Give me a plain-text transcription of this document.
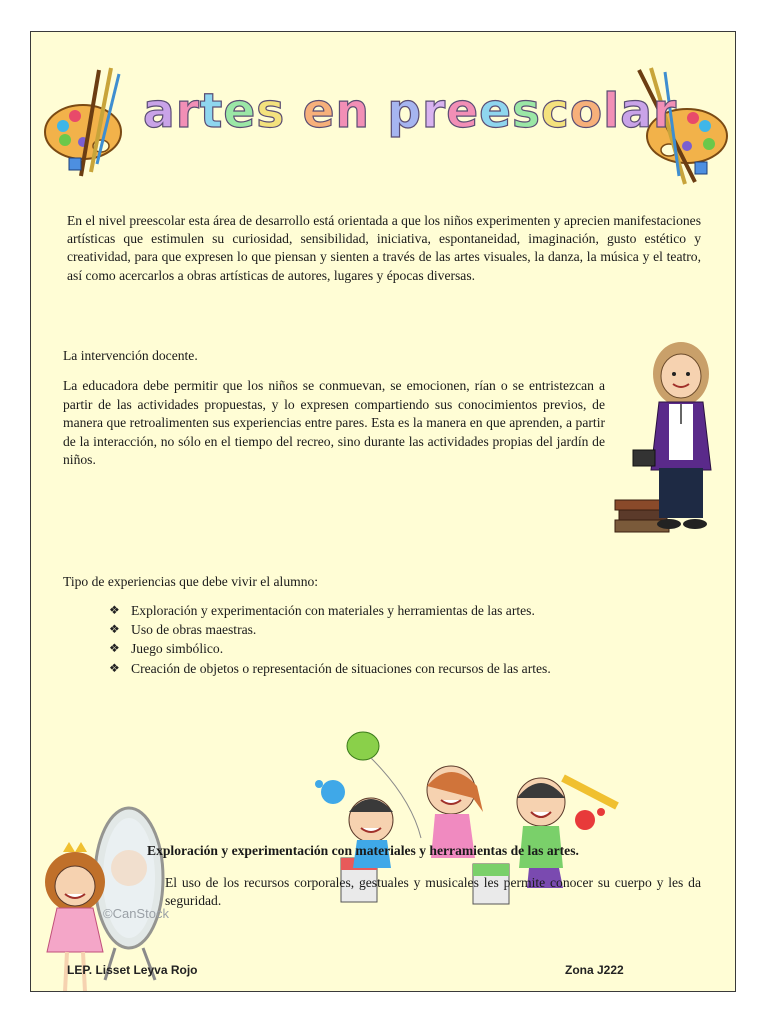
artes en preescolar

En el nivel preescolar esta área de desarrollo está orientada a que los niños experimenten y aprecien manifestaciones artísticas que estimulen su curiosidad, sensibilidad, iniciativa, espontaneidad, imaginación, gusto estético y creatividad, para que expresen lo que piensan y sienten a través de las artes visuales, la danza, la música y el teatro, así como acercarlos a obras artísticas de autores, lugares y épocas diversas.

La intervención docente.

La educadora debe permitir que los niños se conmuevan, se emocionen, rían o se entristezcan a partir de las actividades propuestas, y lo expresen compartiendo sus conocimientos previos, de manera que retroalimenten sus experiencias entre pares. Esta es la manera en que aprenden, a partir de la interacción, no sólo en el tiempo del recreo, sino durante las actividades propias del jardín de niños.

Tipo de experiencias que debe vivir el alumno:

❖ Exploración y experimentación con materiales y herramientas de las artes.
❖ Uso de obras maestras.
❖ Juego simbólico.
❖ Creación de objetos o representación de situaciones con recursos de las artes.
©CanStock

Exploración y experimentación con materiales y herramientas de las artes.

El uso de los recursos corporales, gestuales y musicales les permite conocer su cuerpo y les da seguridad.

LEP. Lisset Leyva Rojo	Zona J222
